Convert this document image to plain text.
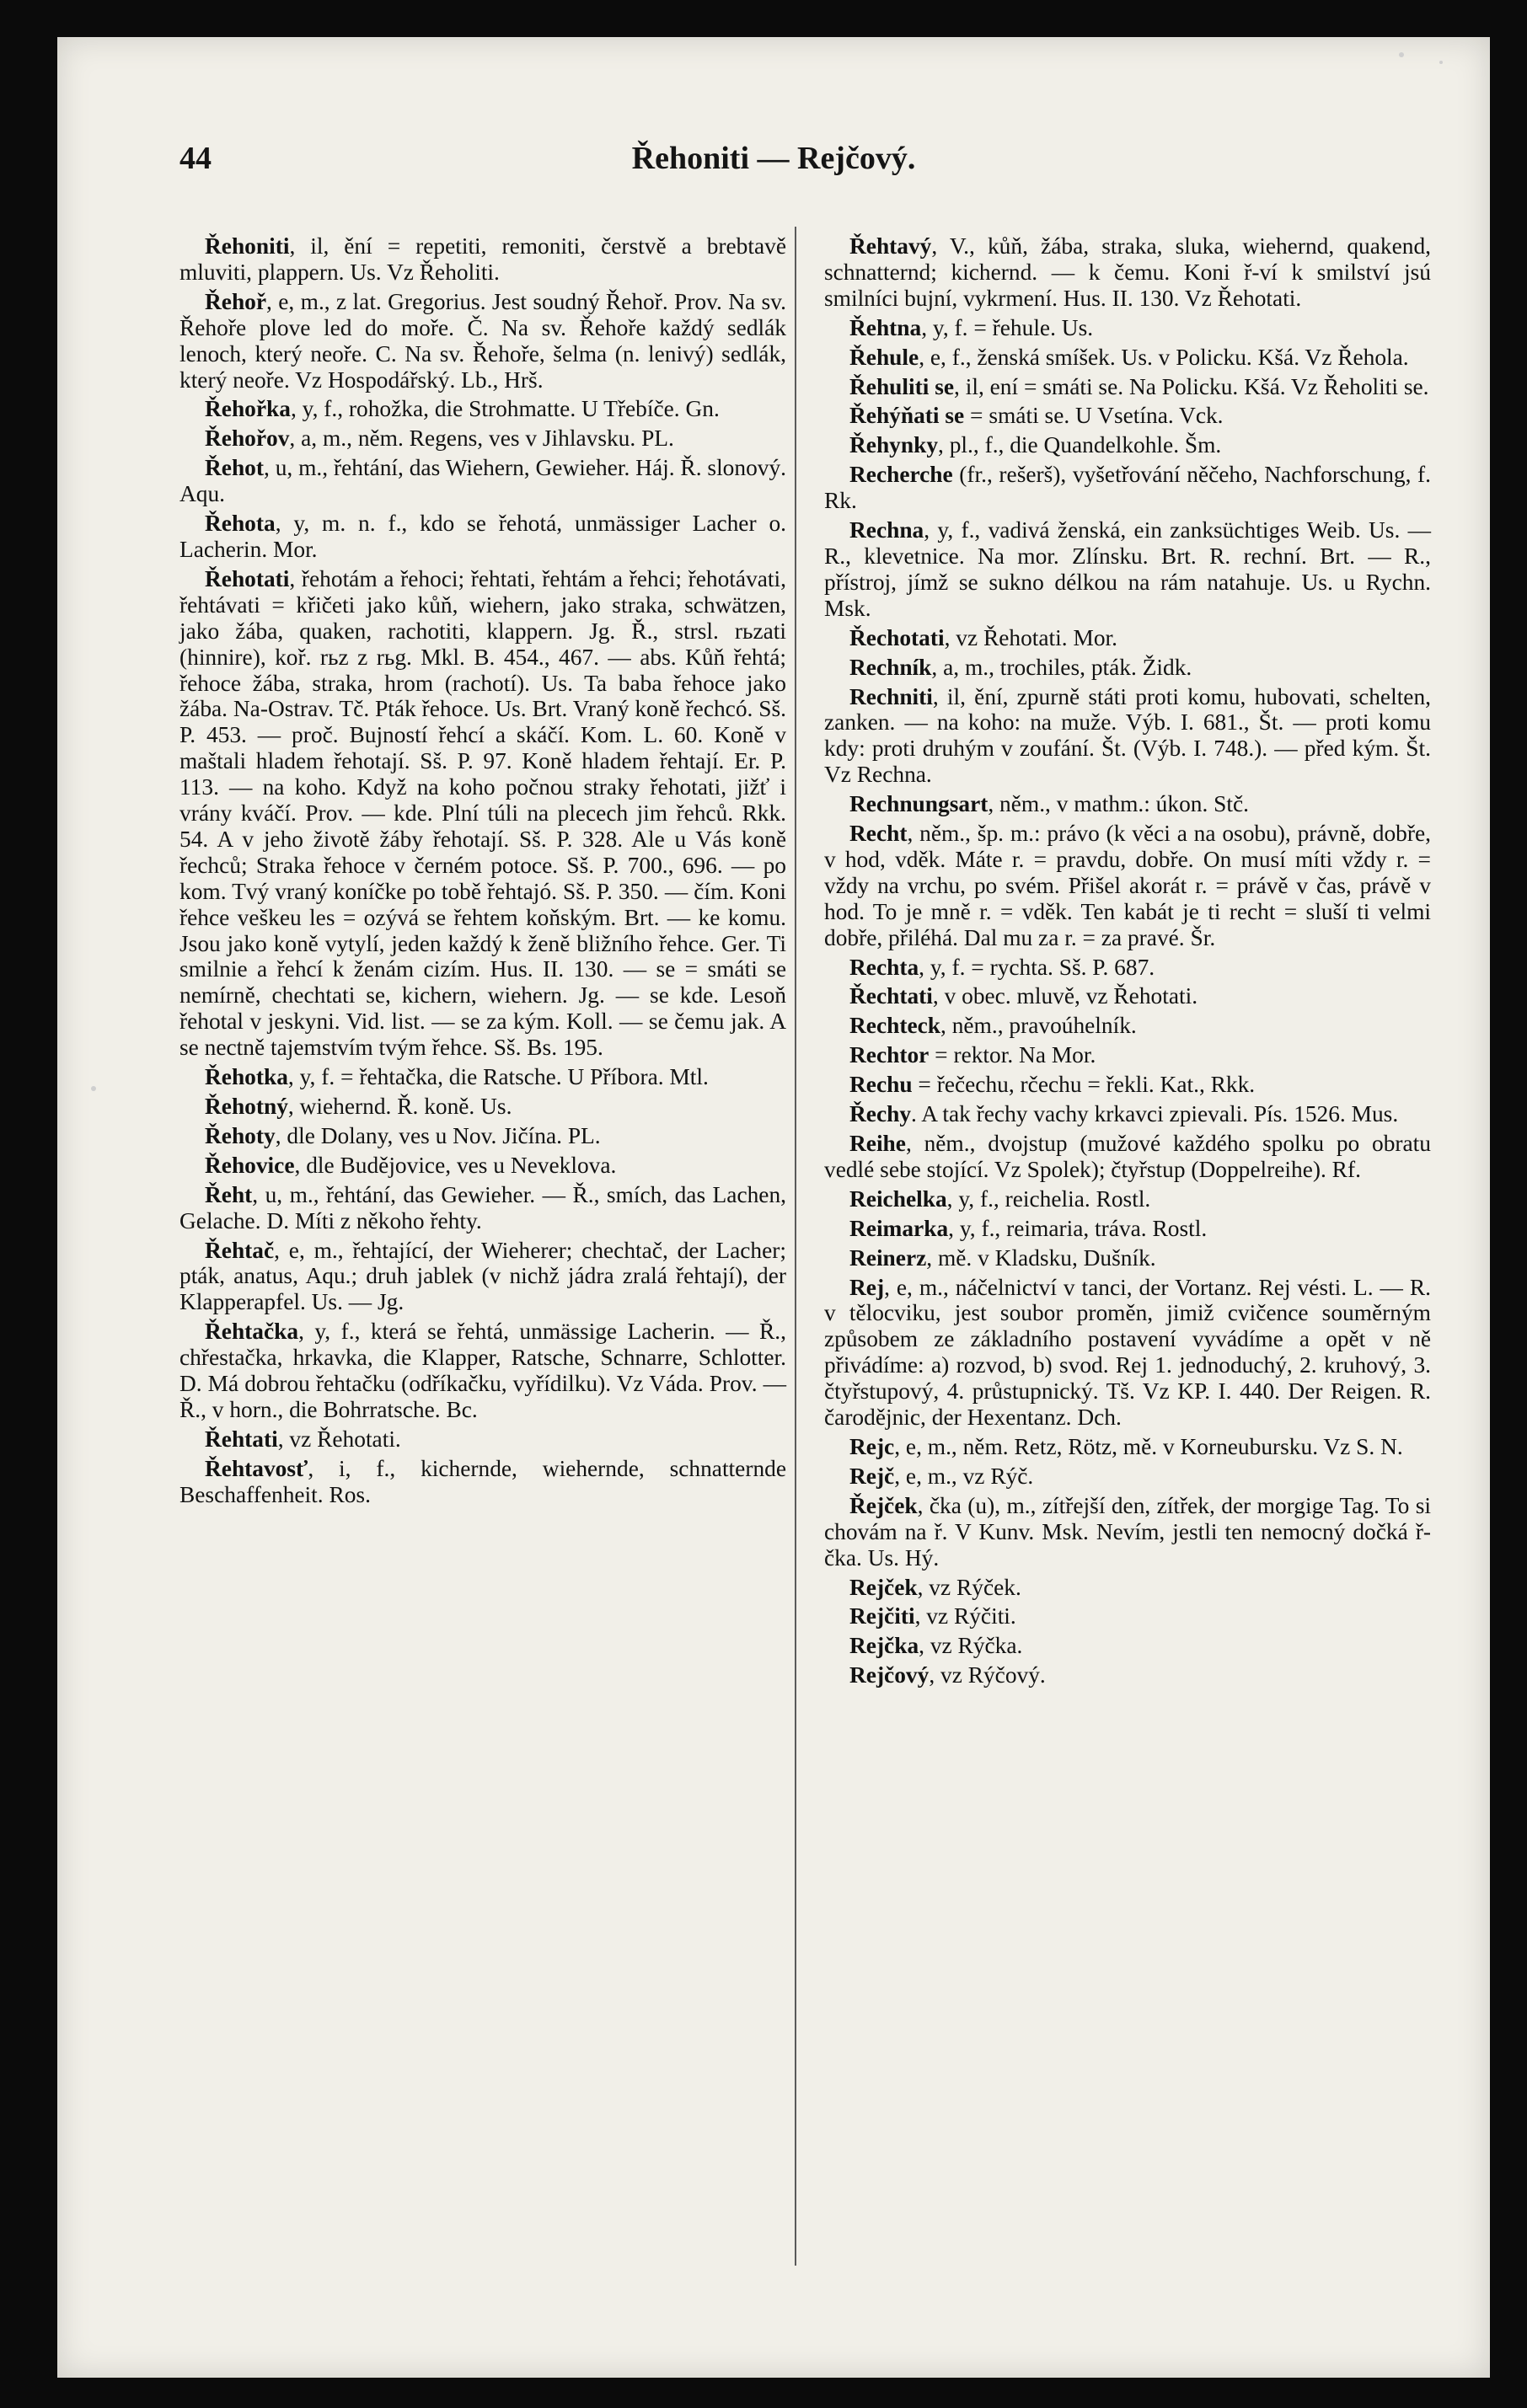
44	Řehoniti — Rejčový.

Řehoniti, il, ění = repetiti, remoniti, čerstvě a brebtavě mluviti, plappern. Us. Vz Řeholiti.

Řehoř, e, m., z lat. Gregorius. Jest soudný Řehoř. Prov. Na sv. Řehoře plove led do moře. Č. Na sv. Řehoře každý sedlák lenoch, který neoře. C. Na sv. Řehoře, šelma (n. lenivý) sedlák, který neoře. Vz Hospodářský. Lb., Hrš.

Řehořka, y, f., rohožka, die Strohmatte. U Třebíče. Gn.

Řehořov, a, m., něm. Regens, ves v Jihlavsku. PL.

Řehot, u, m., řehtání, das Wiehern, Gewieher. Háj. Ř. slonový. Aqu.

Řehota, y, m. n. f., kdo se řehotá, unmässiger Lacher o. Lacherin. Mor.

Řehotati, řehotám a řehoci; řehtati, řehtám a řehci; řehotávati, řehtávati = křičeti jako kůň, wiehern, jako straka, schwätzen, jako žába, quaken, rachotiti, klappern. Jg. Ř., strsl. rьzati (hinnire), koř. rьz z rьg. Mkl. B. 454., 467. — abs. Kůň řehtá; řehoce žába, straka, hrom (rachotí). Us. Ta baba řehoce jako žába. Na-Ostrav. Tč. Pták řehoce. Us. Brt. Vraný koně řechcó. Sš. P. 453. — proč. Bujností řehcí a skáčí. Kom. L. 60. Koně v maštali hladem řehotají. Sš. P. 97. Koně hladem řehtají. Er. P. 113. — na koho. Když na koho počnou straky řehotati, jižť i vrány kváčí. Prov. — kde. Plní túli na plecech jim řehců. Rkk. 54. A v jeho životě žáby řehotají. Sš. P. 328. Ale u Vás koně řechců; Straka řehoce v černém potoce. Sš. P. 700., 696. — po kom. Tvý vraný koníčke po tobě řehtajó. Sš. P. 350. — čím. Koni řehce veškeu les = ozývá se řehtem koňským. Brt. — ke komu. Jsou jako koně vytylí, jeden každý k ženě bližního řehce. Ger. Ti smilnie a řehcí k ženám cizím. Hus. II. 130. — se = smáti se nemírně, chechtati se, kichern, wiehern. Jg. — se kde. Lesoň řehotal v jeskyni. Vid. list. — se za kým. Koll. — se čemu jak. A se nectně tajemstvím tvým řehce. Sš. Bs. 195.

Řehotka, y, f. = řehtačka, die Ratsche. U Příbora. Mtl.

Řehotný, wiehernd. Ř. koně. Us.

Řehoty, dle Dolany, ves u Nov. Jičína. PL.

Řehovice, dle Budějovice, ves u Neveklova.

Řeht, u, m., řehtání, das Gewieher. — Ř., smích, das Lachen, Gelache. D. Míti z někoho řehty.

Řehtač, e, m., řehtající, der Wieherer; chechtač, der Lacher; pták, anatus, Aqu.; druh jablek (v nichž jádra zralá řehtají), der Klapperapfel. Us. — Jg.

Řehtačka, y, f., která se řehtá, unmässige Lacherin. — Ř., chřestačka, hrkavka, die Klapper, Ratsche, Schnarre, Schlotter. D. Má dobrou řehtačku (odříkačku, vyřídilku). Vz Váda. Prov. — Ř., v horn., die Bohrratsche. Bc.

Řehtati, vz Řehotati.

Řehtavosť, i, f., kichernde, wiehernde, schnatternde Beschaffenheit. Ros.

Řehtavý, V., kůň, žába, straka, sluka, wiehernd, quakend, schnatternd; kichernd. — k čemu. Koni ř-ví k smilství jsú smilníci bujní, vykrmení. Hus. II. 130. Vz Řehotati.

Řehtna, y, f. = řehule. Us.

Řehule, e, f., ženská smíšek. Us. v Policku. Kšá. Vz Řehola.

Řehuliti se, il, ení = smáti se. Na Policku. Kšá. Vz Řeholiti se.

Řehýňati se = smáti se. U Vsetína. Vck.

Řehynky, pl., f., die Quandelkohle. Šm.

Recherche (fr., rešerš), vyšetřování něčeho, Nachforschung, f. Rk.

Rechna, y, f., vadivá ženská, ein zanksüchtiges Weib. Us. — R., klevetnice. Na mor. Zlínsku. Brt. R. rechní. Brt. — R., přístroj, jímž se sukno délkou na rám natahuje. Us. u Rychn. Msk.

Řechotati, vz Řehotati. Mor.

Rechník, a, m., trochiles, pták. Židk.

Rechniti, il, ění, zpurně státi proti komu, hubovati, schelten, zanken. — na koho: na muže. Výb. I. 681., Št. — proti komu kdy: proti druhým v zoufání. Št. (Výb. I. 748.). — před kým. Št. Vz Rechna.

Rechnungsart, něm., v mathm.: úkon. Stč.

Recht, něm., šp. m.: právo (k věci a na osobu), právně, dobře, v hod, vděk. Máte r. = pravdu, dobře. On musí míti vždy r. = vždy na vrchu, po svém. Přišel akorát r. = právě v čas, právě v hod. To je mně r. = vděk. Ten kabát je ti recht = sluší ti velmi dobře, přiléhá. Dal mu za r. = za pravé. Šr.

Rechta, y, f. = rychta. Sš. P. 687.

Řechtati, v obec. mluvě, vz Řehotati.

Rechteck, něm., pravoúhelník.

Rechtor = rektor. Na Mor.

Rechu = řečechu, rčechu = řekli. Kat., Rkk.

Řechy. A tak řechy vachy krkavci zpievali. Pís. 1526. Mus.

Reihe, něm., dvojstup (mužové každého spolku po obratu vedlé sebe stojící. Vz Spolek); čtyřstup (Doppelreihe). Rf.

Reichelka, y, f., reichelia. Rostl.

Reimarka, y, f., reimaria, tráva. Rostl.

Reinerz, mě. v Kladsku, Dušník.

Rej, e, m., náčelnictví v tanci, der Vortanz. Rej vésti. L. — R. v tělocviku, jest soubor proměn, jimiž cvičence souměrným způsobem ze základního postavení vyvádíme a opět v ně přivádíme: a) rozvod, b) svod. Rej 1. jednoduchý, 2. kruhový, 3. čtyřstupový, 4. průstupnický. Tš. Vz KP. I. 440. Der Reigen. R. čarodějnic, der Hexentanz. Dch.

Rejc, e, m., něm. Retz, Rötz, mě. v Korneubursku. Vz S. N.

Rejč, e, m., vz Rýč.

Řejček, čka (u), m., zítřejší den, zítřek, der morgige Tag. To si chovám na ř. V Kunv. Msk. Nevím, jestli ten nemocný dočká ř-čka. Us. Hý.

Rejček, vz Rýček.

Rejčiti, vz Rýčiti.

Rejčka, vz Rýčka.

Rejčový, vz Rýčový.
